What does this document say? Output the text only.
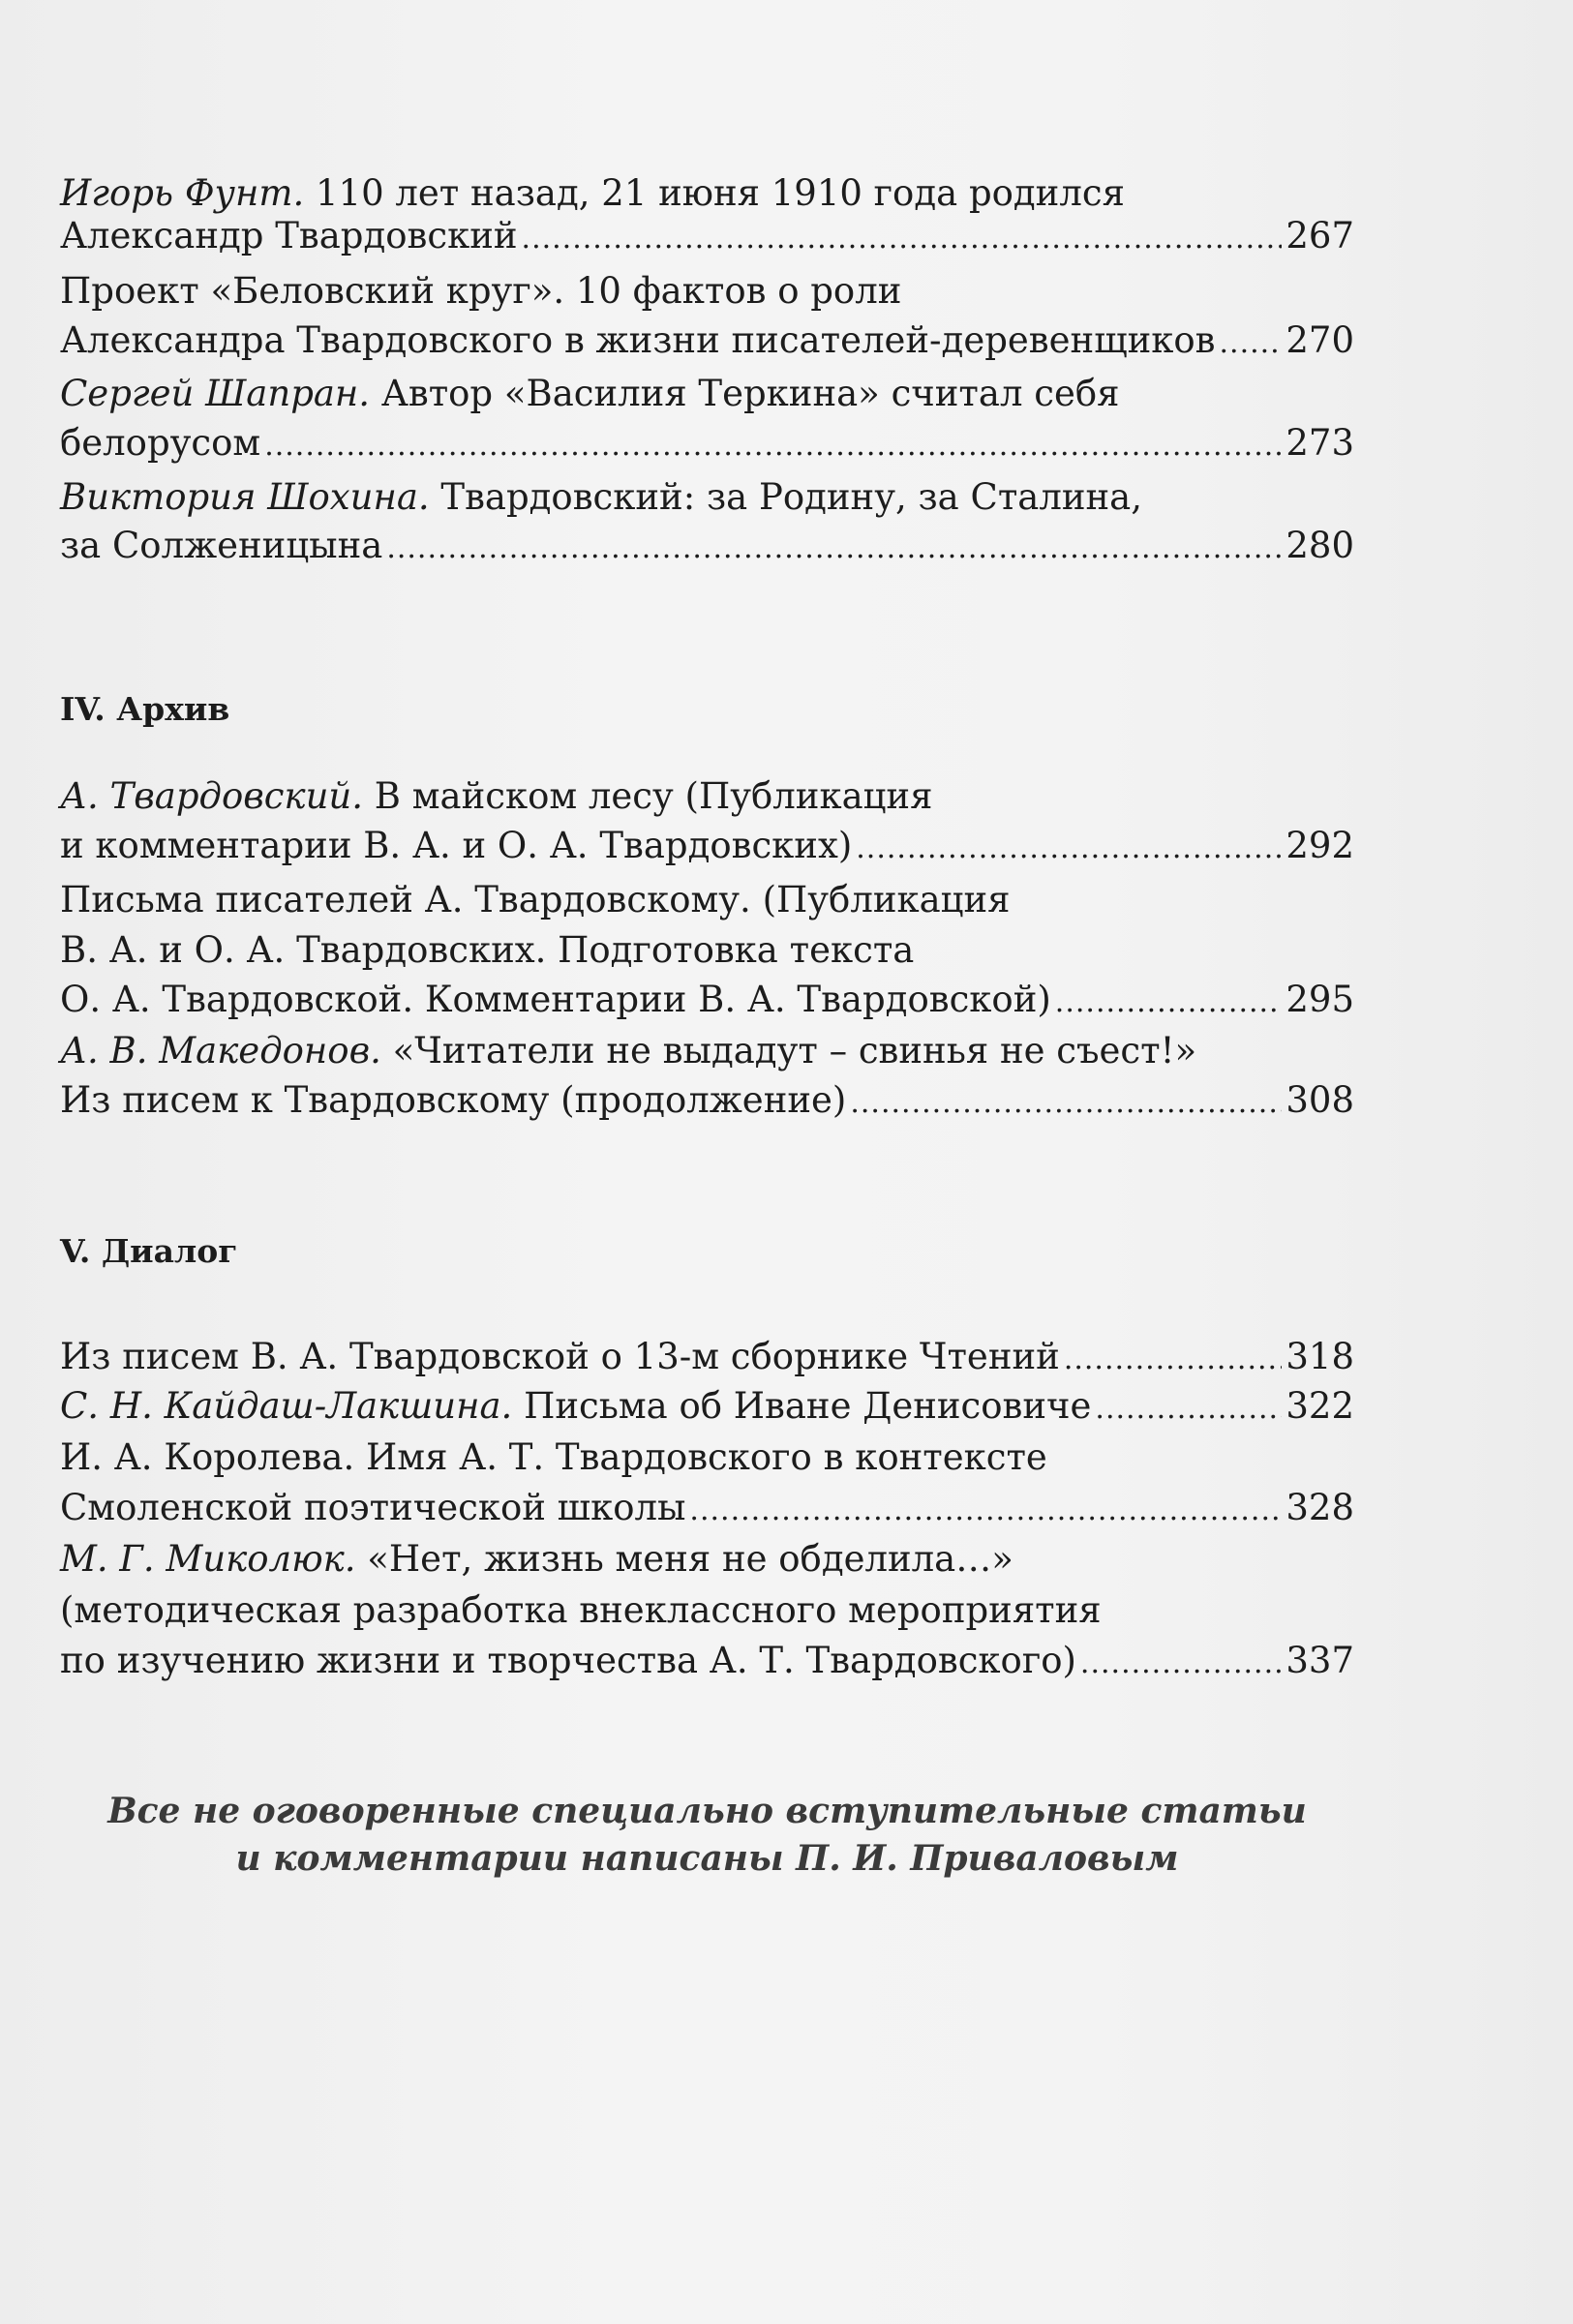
Игорь Фунт. 110 лет назад, 21 июня 1910 года родился
Александр Твардовский .....	267
Проект «Беловский круг». 10 фактов о роли
Александра Твардовского в жизни писателей-деревенщиков ..... 270
Сергей Шапран. Автор «Василия Теркина» считал себя
белорусом .....	273
Виктория Шохина. Твардовский: за Родину, за Сталина,
за Солженицына .....	280
IV. Архив
А. Твардовский. В майском лесу (Публикация
и комментарии В. А. и О. А. Твардовских) .....	292
Письма писателей А. Твардовскому. (Публикация
В. А. и О. А. Твардовских. Подготовка текста
О. А. Твардовской. Комментарии В. А. Твардовской) .....	295
А. В. Македонов. «Читатели не выдадут – свинья не съест!»
Из писем к Твардовскому (продолжение) .....	308
V. Диалог
Из писем В. А. Твардовской о 13-м сборнике Чтений .....	318
С. Н. Кайдаш-Лакшина. Письма об Иване Денисовиче .....	322
И. А. Королева. Имя А. Т. Твардовского в контексте
Смоленской поэтической школы .....	328
М. Г. Миколюк. «Нет, жизнь меня не обделила…»
(методическая разработка внеклассного мероприятия
по изучению жизни и творчества А. Т. Твардовского) .....	337
Все не оговоренные специально вступительные статьи
и комментарии написаны П. И. Приваловым
